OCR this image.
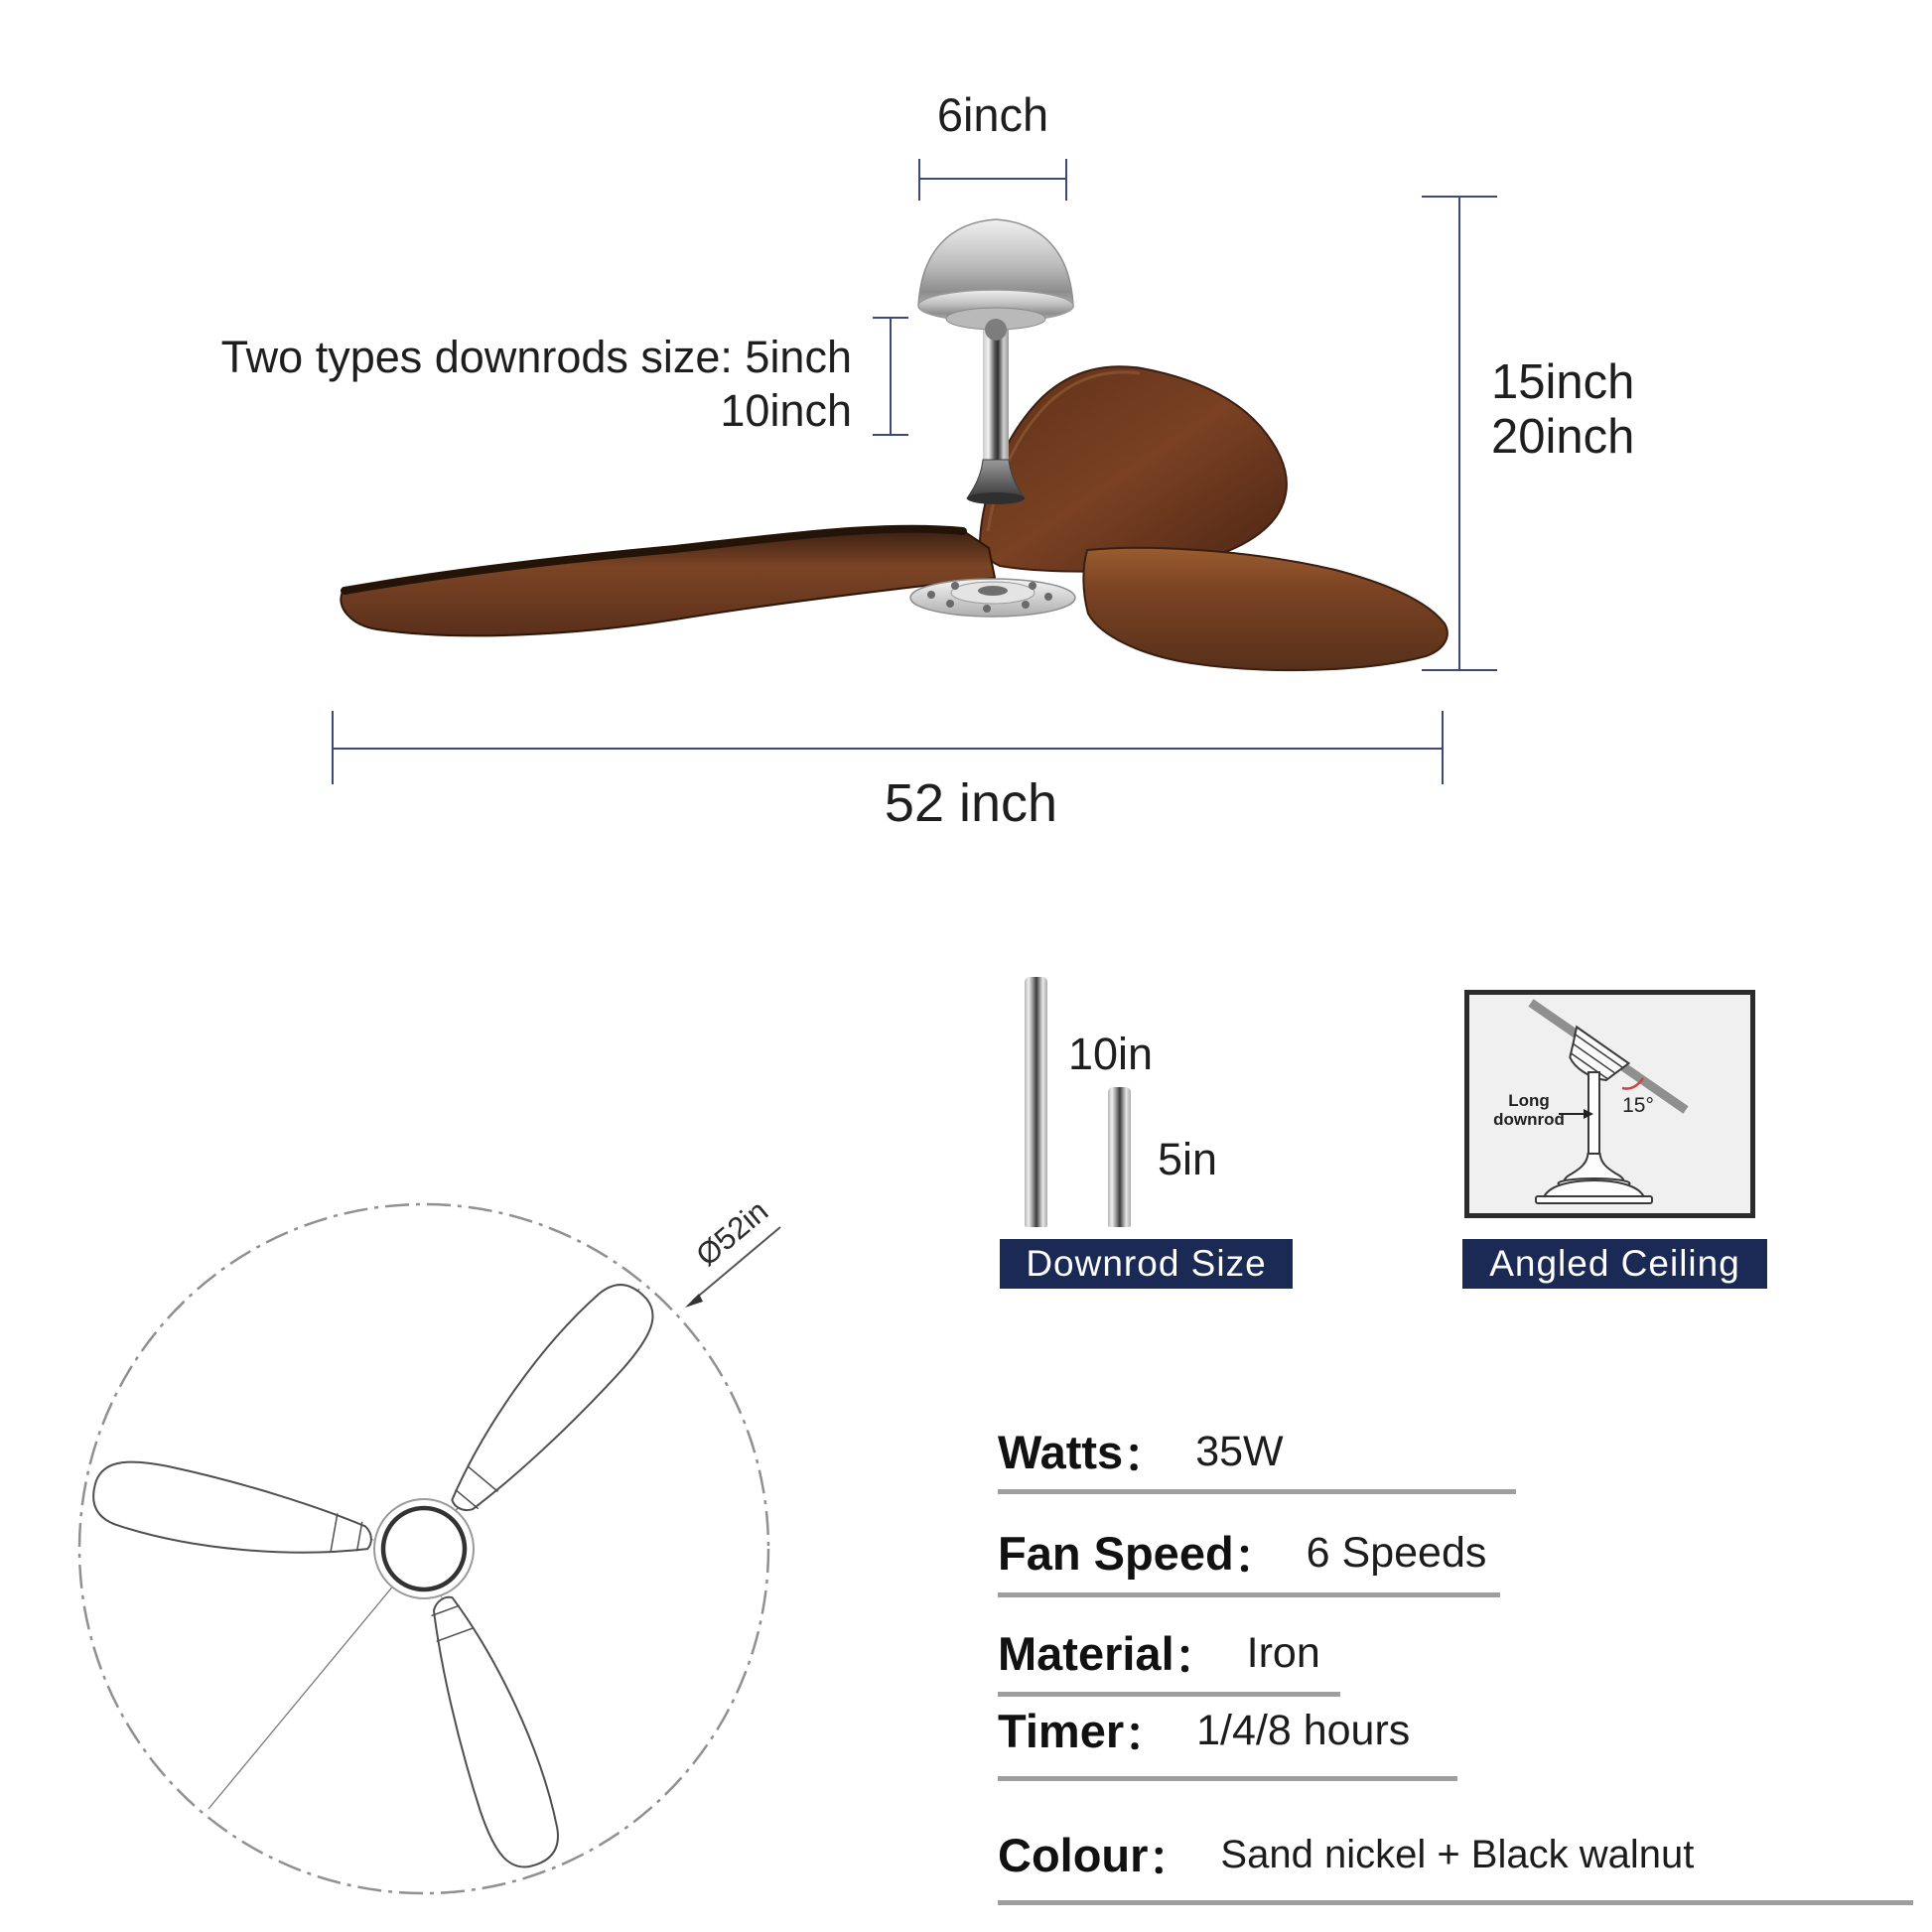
6inch
Two types downrods size: 5inch
10inch
15inch
20inch
52 inch
10in
5in
Downrod Size
Long
downrod
15°
Angled Ceiling
Ø52in
Watts ： 35W
Fan Speed ： 6 Speeds
Material ： Iron
Timer ： 1/4/8 hours
Colour ： Sand nickel + Black walnut
